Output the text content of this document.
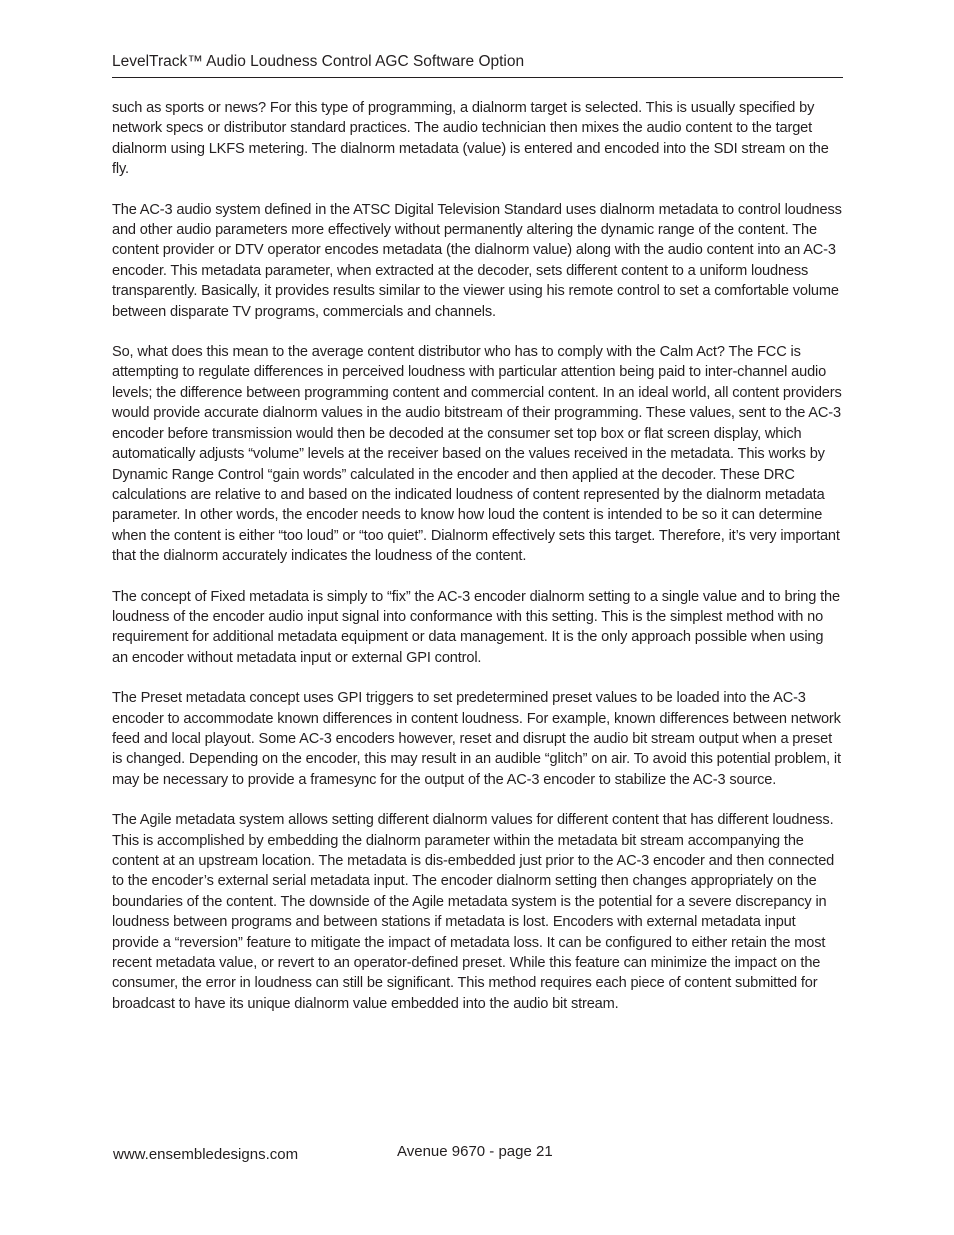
LevelTrack™ Audio Loudness Control AGC Software Option

such as sports or news? For this type of programming, a dialnorm target is selected. This is usually specified by network specs or distributor standard practices. The audio technician then mixes the audio content to the target dialnorm using LKFS metering. The dialnorm metadata (value) is entered and encoded into the SDI stream on the fly.

The AC-3 audio system defined in the ATSC Digital Television Standard uses dialnorm metadata to control loudness and other audio parameters more effectively without permanently altering the dynamic range of the content. The content provider or DTV operator encodes metadata (the dialnorm value) along with the audio content into an AC-3 encoder. This metadata parameter, when extracted at the decoder, sets different content to a uniform loudness transparently. Basically, it provides results similar to the viewer using his remote control to set a comfortable volume between disparate TV programs, commercials and channels.

So, what does this mean to the average content distributor who has to comply with the Calm Act? The FCC is attempting to regulate differences in perceived loudness with particular attention being paid to inter-channel audio levels; the difference between programming content and commercial content. In an ideal world, all content providers would provide accurate dialnorm values in the audio bitstream of their programming. These values, sent to the AC-3 encoder before transmission would then be decoded at the consumer set top box or flat screen display, which automatically adjusts “volume” levels at the receiver based on the values received in the metadata. This works by Dynamic Range Control “gain words” calculated in the encoder and then applied at the decoder. These DRC calculations are relative to and based on the indicated loudness of content represented by the dialnorm metadata parameter. In other words, the encoder needs to know how loud the content is intended to be so it can determine when the content is either “too loud” or “too quiet”. Dialnorm effectively sets this target. Therefore, it’s very important that the dialnorm accurately indicates the loudness of the content.

The concept of Fixed metadata is simply to “fix” the AC-3 encoder dialnorm setting to a single value and to bring the loudness of the encoder audio input signal into conformance with this setting. This is the simplest method with no requirement for additional metadata equipment or data management. It is the only approach possible when using an encoder without metadata input or external GPI control.

The Preset metadata concept uses GPI triggers to set predetermined preset values to be loaded into the AC-3 encoder to accommodate known differences in content loudness. For example, known differences between network feed and local playout. Some AC-3 encoders however, reset and disrupt the audio bit stream output when a preset is changed. Depending on the encoder, this may result in an audible “glitch” on air. To avoid this potential problem, it may be necessary to provide a framesync for the output of the AC-3 encoder to stabilize the AC-3 source.

The Agile metadata system allows setting different dialnorm values for different content that has different loudness. This is accomplished by embedding the dialnorm parameter within the metadata bit stream accompanying the content at an upstream location. The metadata is dis-embedded just prior to the AC-3 encoder and then connected to the encoder’s external serial metadata input. The encoder dialnorm setting then changes appropriately on the boundaries of the content. The downside of the Agile metadata system is the potential for a severe discrepancy in loudness between programs and between stations if metadata is lost. Encoders with external metadata input provide a “reversion” feature to mitigate the impact of metadata loss. It can be configured to either retain the most recent metadata value, or revert to an operator-defined preset. While this feature can minimize the impact on the consumer, the error in loudness can still be significant. This method requires each piece of content submitted for broadcast to have its unique dialnorm value embedded into the audio bit stream.

www.ensembledesigns.com	Avenue 9670 - page 21
